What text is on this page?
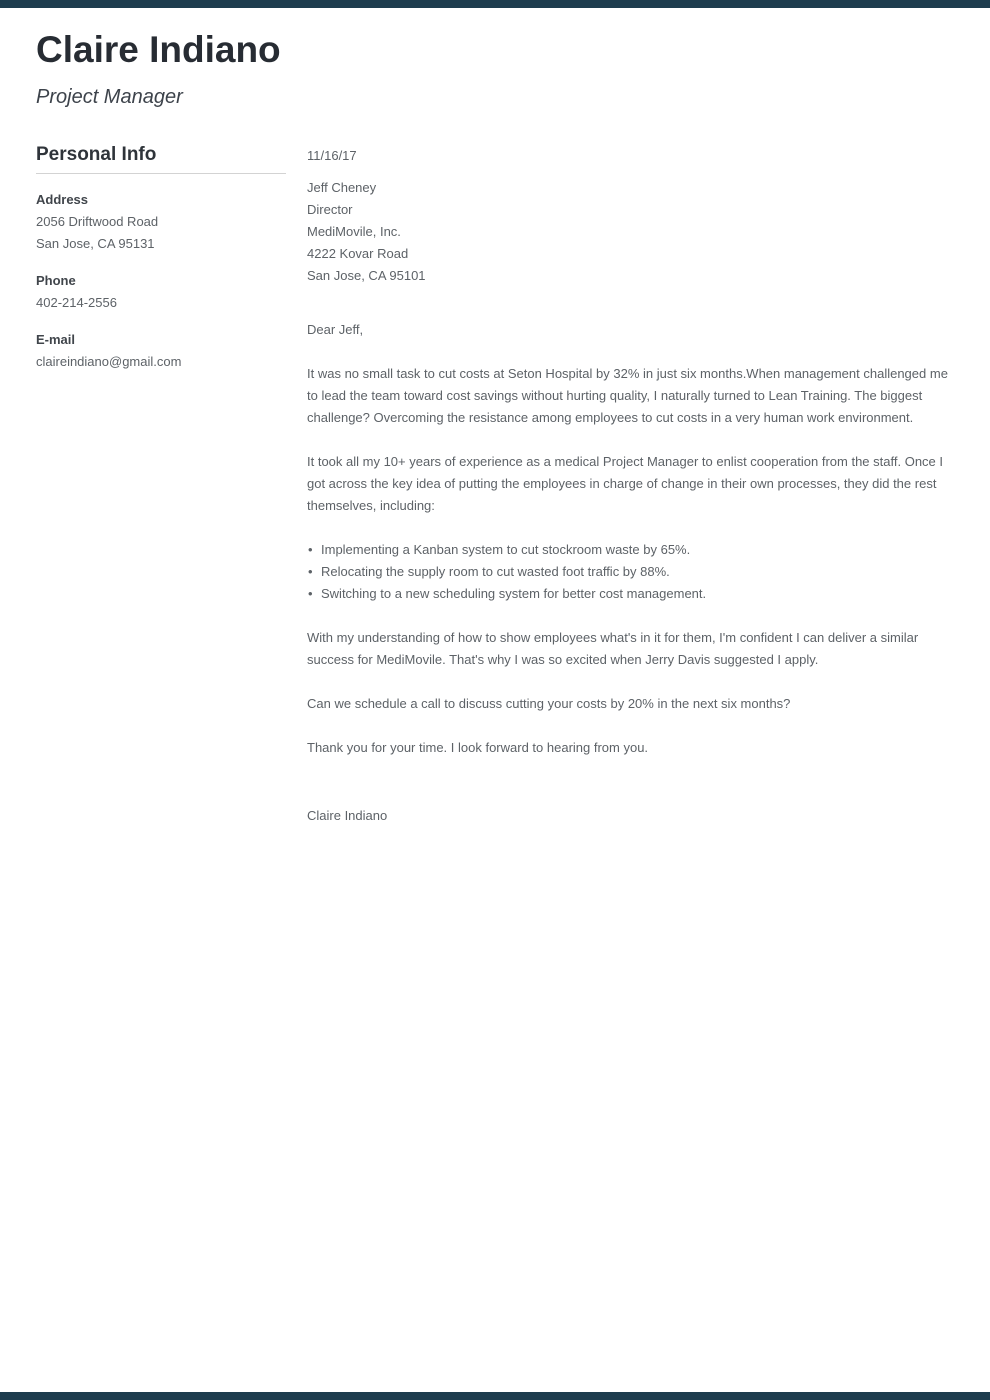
Claire Indiano
Project Manager
Personal Info
Address
2056 Driftwood Road
San Jose, CA 95131
Phone
402-214-2556
E-mail
claireindiano@gmail.com
11/16/17
Jeff Cheney
Director
MediMovile, Inc.
4222 Kovar Road
San Jose, CA 95101

Dear Jeff,

It was no small task to cut costs at Seton Hospital by 32% in just six months.When management challenged me to lead the team toward cost savings without hurting quality, I naturally turned to Lean Training. The biggest challenge? Overcoming the resistance among employees to cut costs in a very human work environment.

It took all my 10+ years of experience as a medical Project Manager to enlist cooperation from the staff. Once I got across the key idea of putting the employees in charge of change in their own processes, they did the rest themselves, including:

• Implementing a Kanban system to cut stockroom waste by 65%.
• Relocating the supply room to cut wasted foot traffic by 88%.
• Switching to a new scheduling system for better cost management.

With my understanding of how to show employees what's in it for them, I'm confident I can deliver a similar success for MediMovile. That's why I was so excited when Jerry Davis suggested I apply.

Can we schedule a call to discuss cutting your costs by 20% in the next six months?

Thank you for your time. I look forward to hearing from you.

Claire Indiano
